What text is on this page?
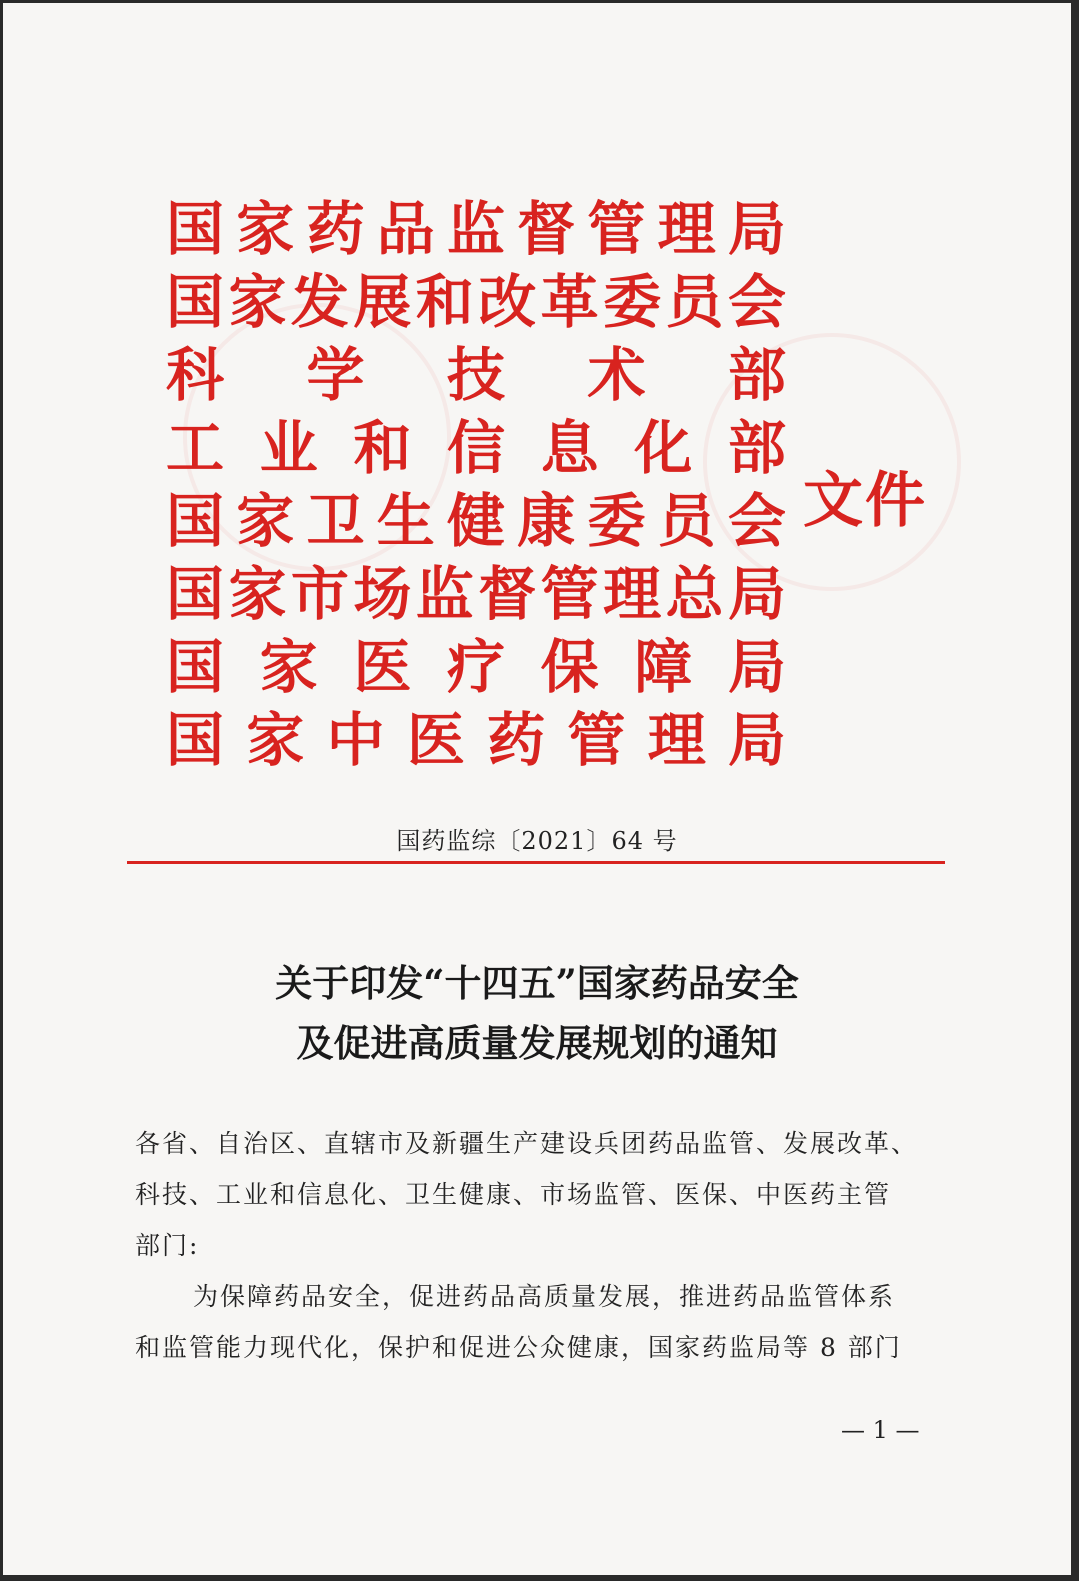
国 家 药 品 监 督 管 理 局
国 家 发 展 和 改 革 委 员 会
科 学 技 术 部
工 业 和 信 息 化 部
国 家 卫 生 健 康 委 员 会
国 家 市 场 监 督 管 理 总 局
国 家 医 疗 保 障 局
国 家 中 医 药 管 理 局
文件
国药监综〔2021〕64 号
关于印发“十四五”国家药品安全
及促进高质量发展规划的通知
各省、自治区、直辖市及新疆生产建设兵团药品监管、发展改革、
科技、工业和信息化、卫生健康、市场监管、医保、中医药主管
部门:
为保障药品安全，促进药品高质量发展，推进药品监管体系
和监管能力现代化，保护和促进公众健康，国家药监局等 8 部门
— 1 —
